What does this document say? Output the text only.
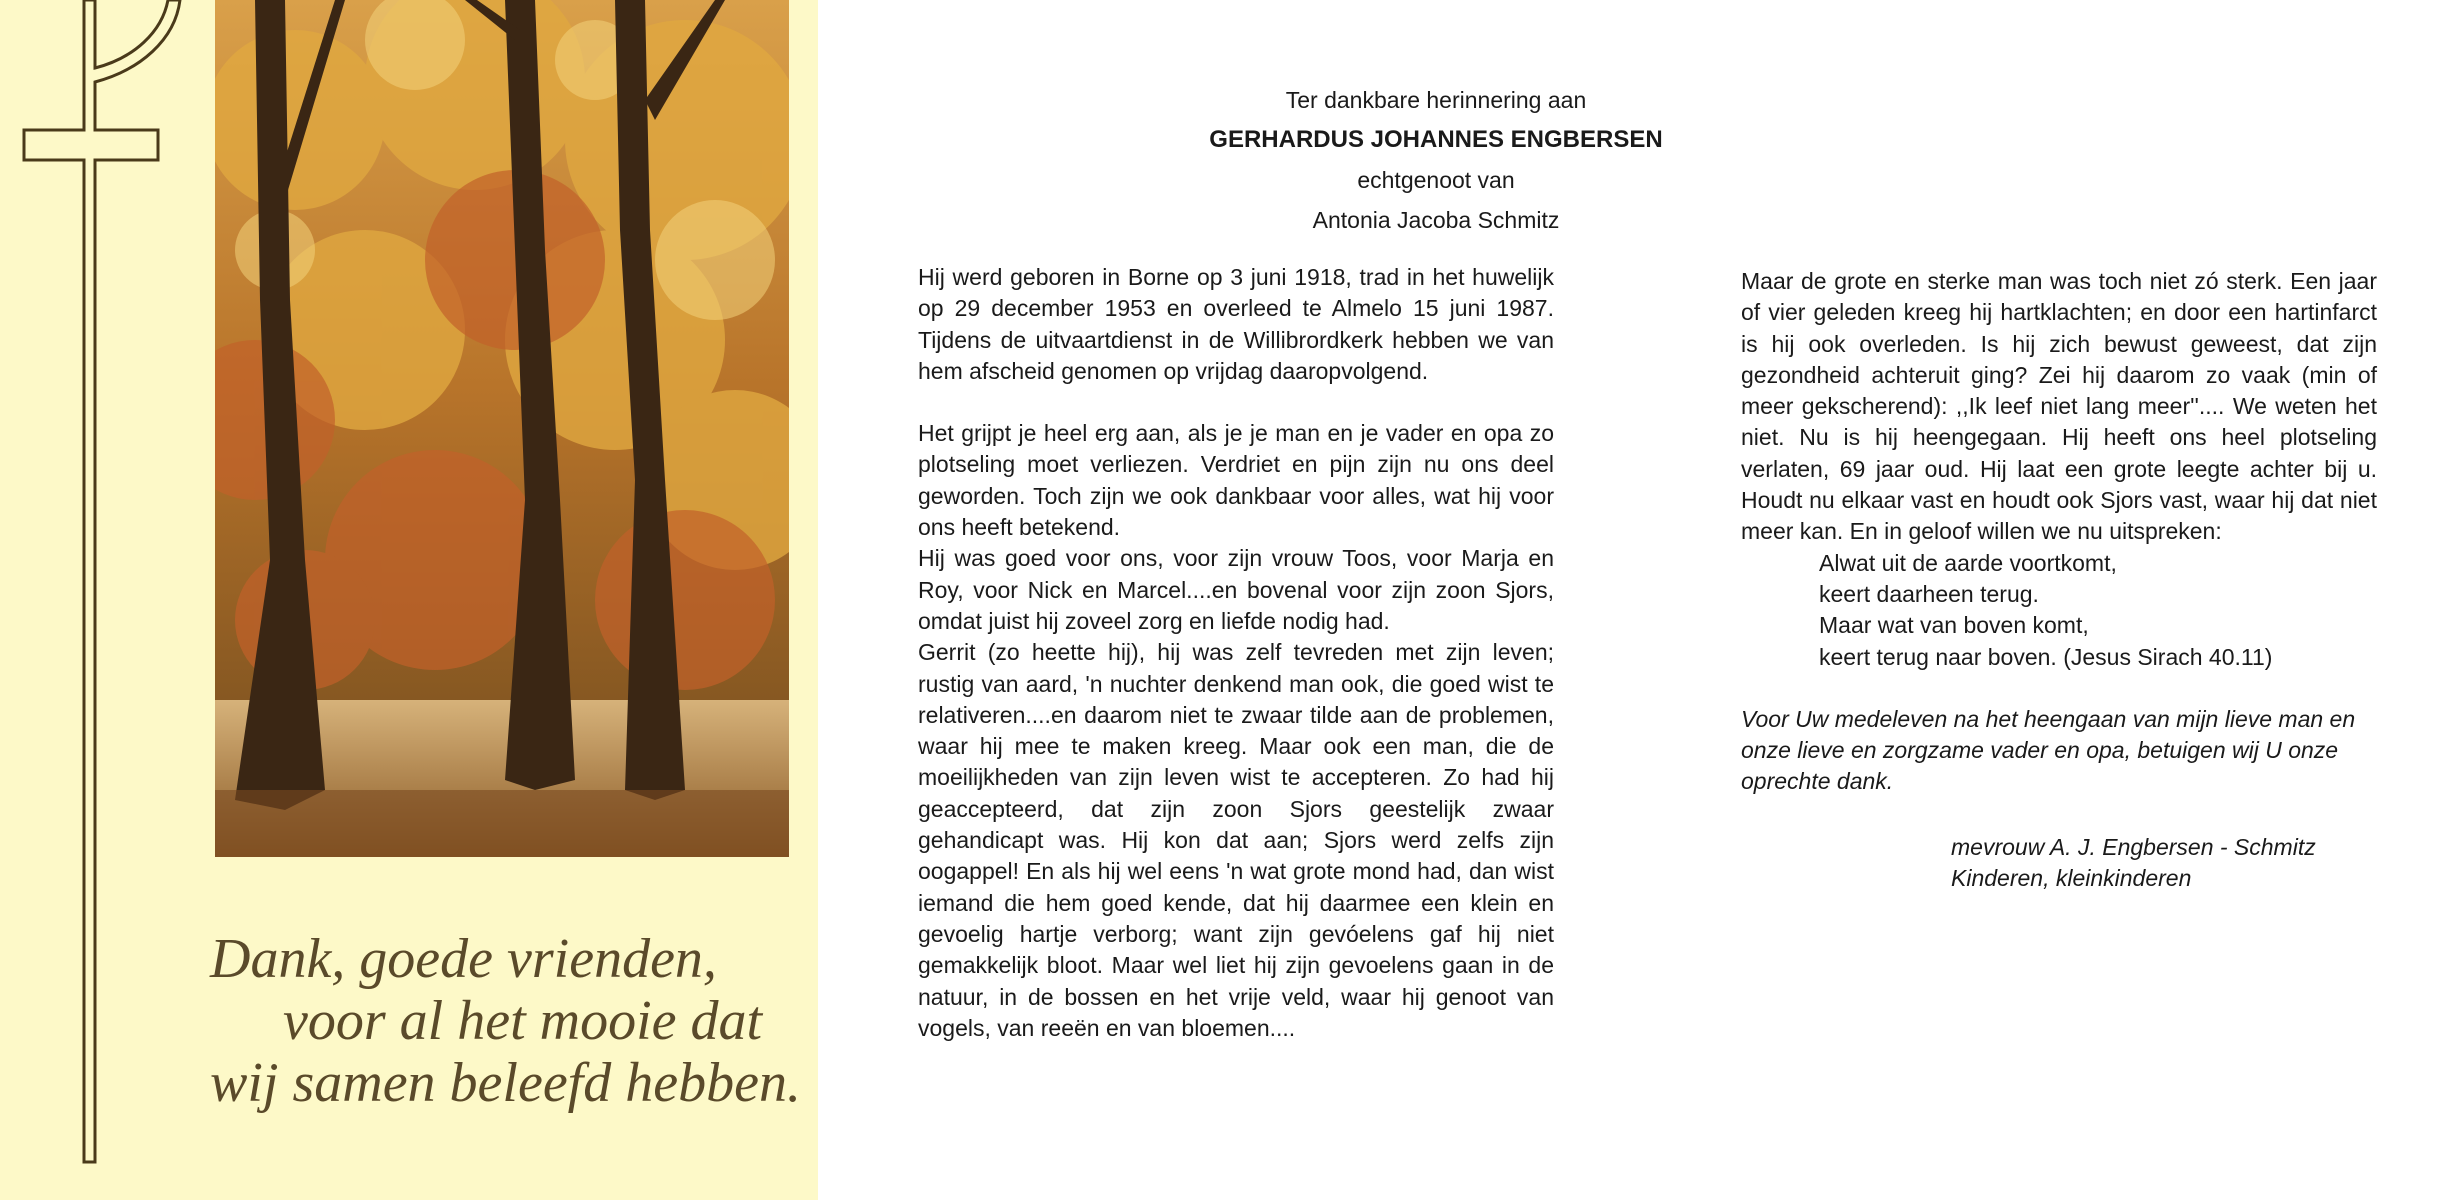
Dank, goede vrienden,
voor al het mooie dat
wij samen beleefd hebben.
Ter dankbare herinnering aan
GERHARDUS JOHANNES ENGBERSEN
echtgenoot van
Antonia Jacoba Schmitz

Hij werd geboren in Borne op 3 juni 1918, trad in het huwelijk op 29 december 1953 en overleed te Almelo 15 juni 1987. Tijdens de uitvaartdienst in de Willibrordkerk hebben we van hem afscheid genomen op vrijdag daaropvolgend.

Het grijpt je heel erg aan, als je je man en je vader en opa zo plotseling moet verliezen. Verdriet en pijn zijn nu ons deel geworden. Toch zijn we ook dankbaar voor alles, wat hij voor ons heeft betekend.

Hij was goed voor ons, voor zijn vrouw Toos, voor Marja en Roy, voor Nick en Marcel....en bovenal voor zijn zoon Sjors, omdat juist hij zoveel zorg en liefde nodig had.

Gerrit (zo heette hij), hij was zelf tevreden met zijn leven; rustig van aard, 'n nuchter denkend man ook, die goed wist te relativeren....en daarom niet te zwaar tilde aan de problemen, waar hij mee te maken kreeg. Maar ook een man, die de moeilijkheden van zijn leven wist te accepteren. Zo had hij geaccepteerd, dat zijn zoon Sjors geestelijk zwaar gehandicapt was. Hij kon dat aan; Sjors werd zelfs zijn oogappel! En als hij wel eens 'n wat grote mond had, dan wist iemand die hem goed kende, dat hij daarmee een klein en gevoelig hartje verborg; want zijn gevóelens gaf hij niet gemakkelijk bloot. Maar wel liet hij zijn gevoelens gaan in de natuur, in de bossen en het vrije veld, waar hij genoot van vogels, van reeën en van bloemen....

Maar de grote en sterke man was toch niet zó sterk. Een jaar of vier geleden kreeg hij hartklachten; en door een hartinfarct is hij ook overleden. Is hij zich bewust geweest, dat zijn gezondheid achteruit ging? Zei hij daarom zo vaak (min of meer gekscherend): ,,Ik leef niet lang meer''.... We weten het niet. Nu is hij heengegaan. Hij heeft ons heel plotseling verlaten, 69 jaar oud. Hij laat een grote leegte achter bij u. Houdt nu elkaar vast en houdt ook Sjors vast, waar hij dat niet meer kan. En in geloof willen we nu uitspreken:

Alwat uit de aarde voortkomt,
keert daarheen terug.
Maar wat van boven komt,
keert terug naar boven. (Jesus Sirach 40.11)

Voor Uw medeleven na het heengaan van mijn lieve man en onze lieve en zorgzame vader en opa, betuigen wij U onze oprechte dank.

mevrouw A. J. Engbersen - Schmitz
Kinderen, kleinkinderen
